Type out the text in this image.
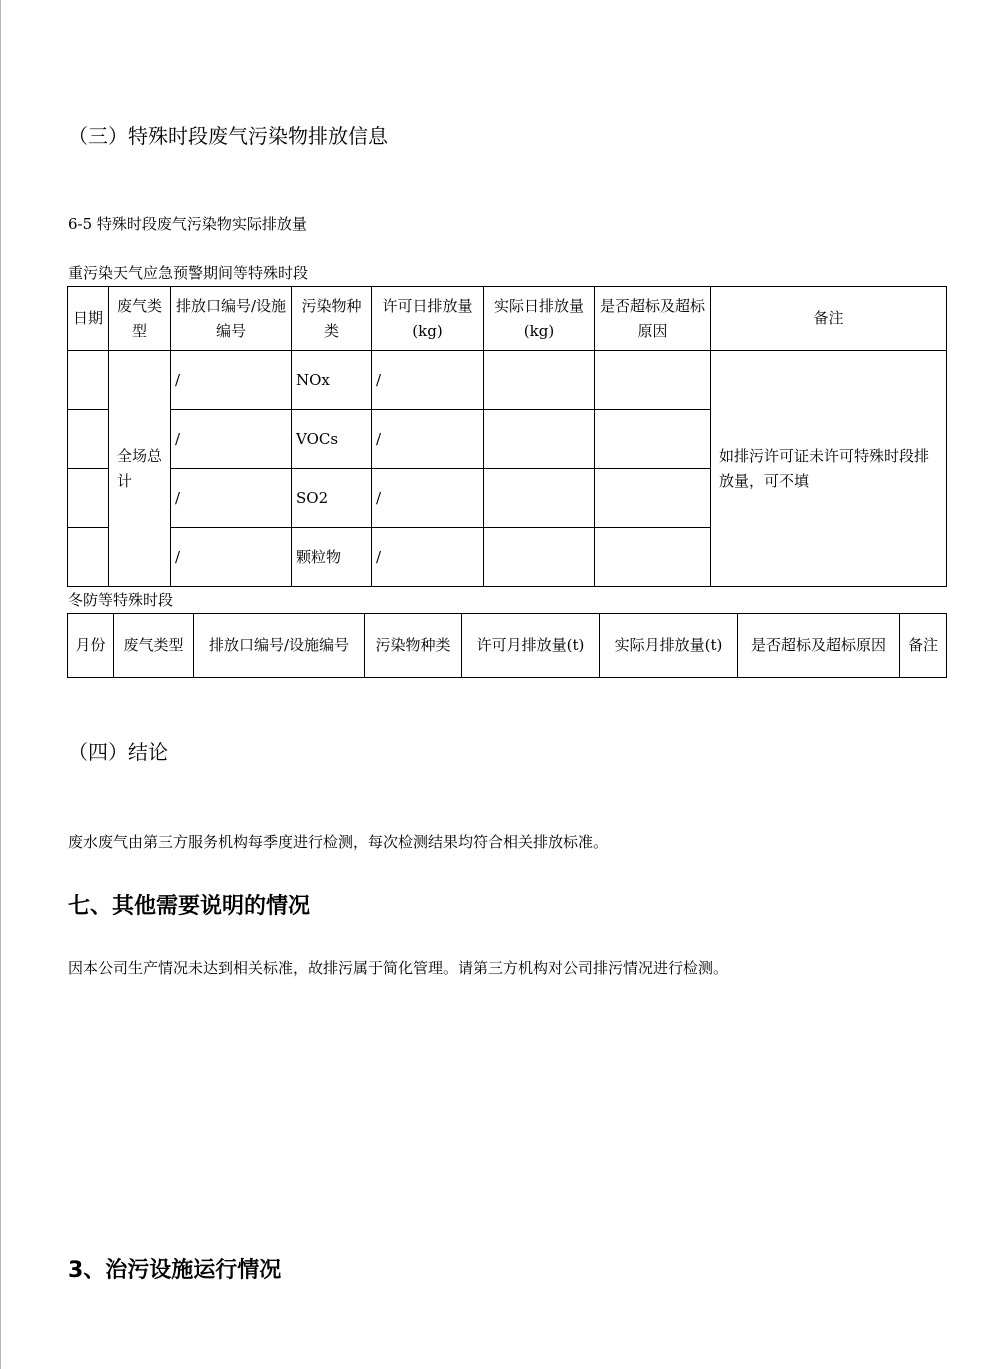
（三）特殊时段废气污染物排放信息
6-5 特殊时段废气污染物实际排放量
重污染天气应急预警期间等特殊时段
日期	废气类型	排放口编号/设施编号	污染物种类	许可日排放量(kg)	实际日排放量(kg)	是否超标及超标原因	备注
	全场总计	/	NOx	/			如排污许可证未许可特殊时段排放量，可不填
		/	VOCs	/			
		/	SO2	/			
		/	颗粒物	/			
冬防等特殊时段
月份	废气类型	排放口编号/设施编号	污染物种类	许可月排放量(t)	实际月排放量(t)	是否超标及超标原因	备注
（四）结论
废水废气由第三方服务机构每季度进行检测，每次检测结果均符合相关排放标准。
七、其他需要说明的情况
因本公司生产情况未达到相关标准，故排污属于简化管理。请第三方机构对公司排污情况进行检测。
3、治污设施运行情况
